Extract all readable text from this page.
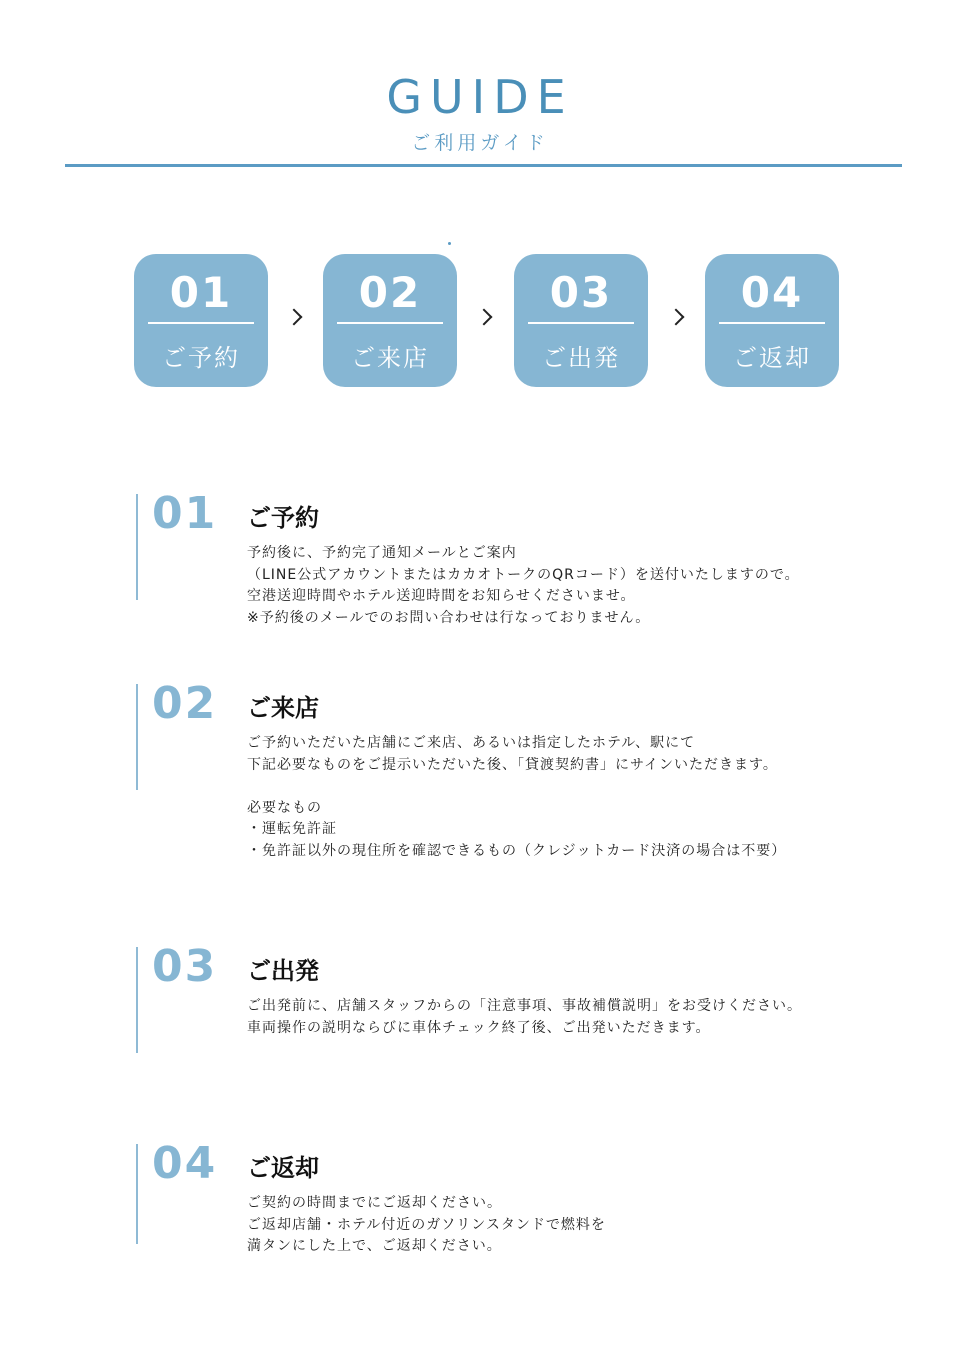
GUIDE
ご利用ガイド
01
ご予約
02
ご来店
03
ご出発
04
ご返却
01 ご予約
予約後に、予約完了通知メールとご案内
（LINE公式アカウントまたはカカオトークのQRコード）を送付いたしますので。
空港送迎時間やホテル送迎時間をお知らせくださいませ。
※予約後のメールでのお問い合わせは行なっておりません。
02 ご来店
ご予約いただいた店舗にご来店、あるいは指定したホテル、駅にて
下記必要なものをご提示いただいた後、「貸渡契約書」にサインいただきます。
必要なもの
・運転免許証
・免許証以外の現住所を確認できるもの（クレジットカード決済の場合は不要）
03 ご出発
ご出発前に、店舗スタッフからの「注意事項、事故補償説明」をお受けください。
車両操作の説明ならびに車体チェック終了後、ご出発いただきます。
04 ご返却
ご契約の時間までにご返却ください。
ご返却店舗・ホテル付近のガソリンスタンドで燃料を
満タンにした上で、ご返却ください。
